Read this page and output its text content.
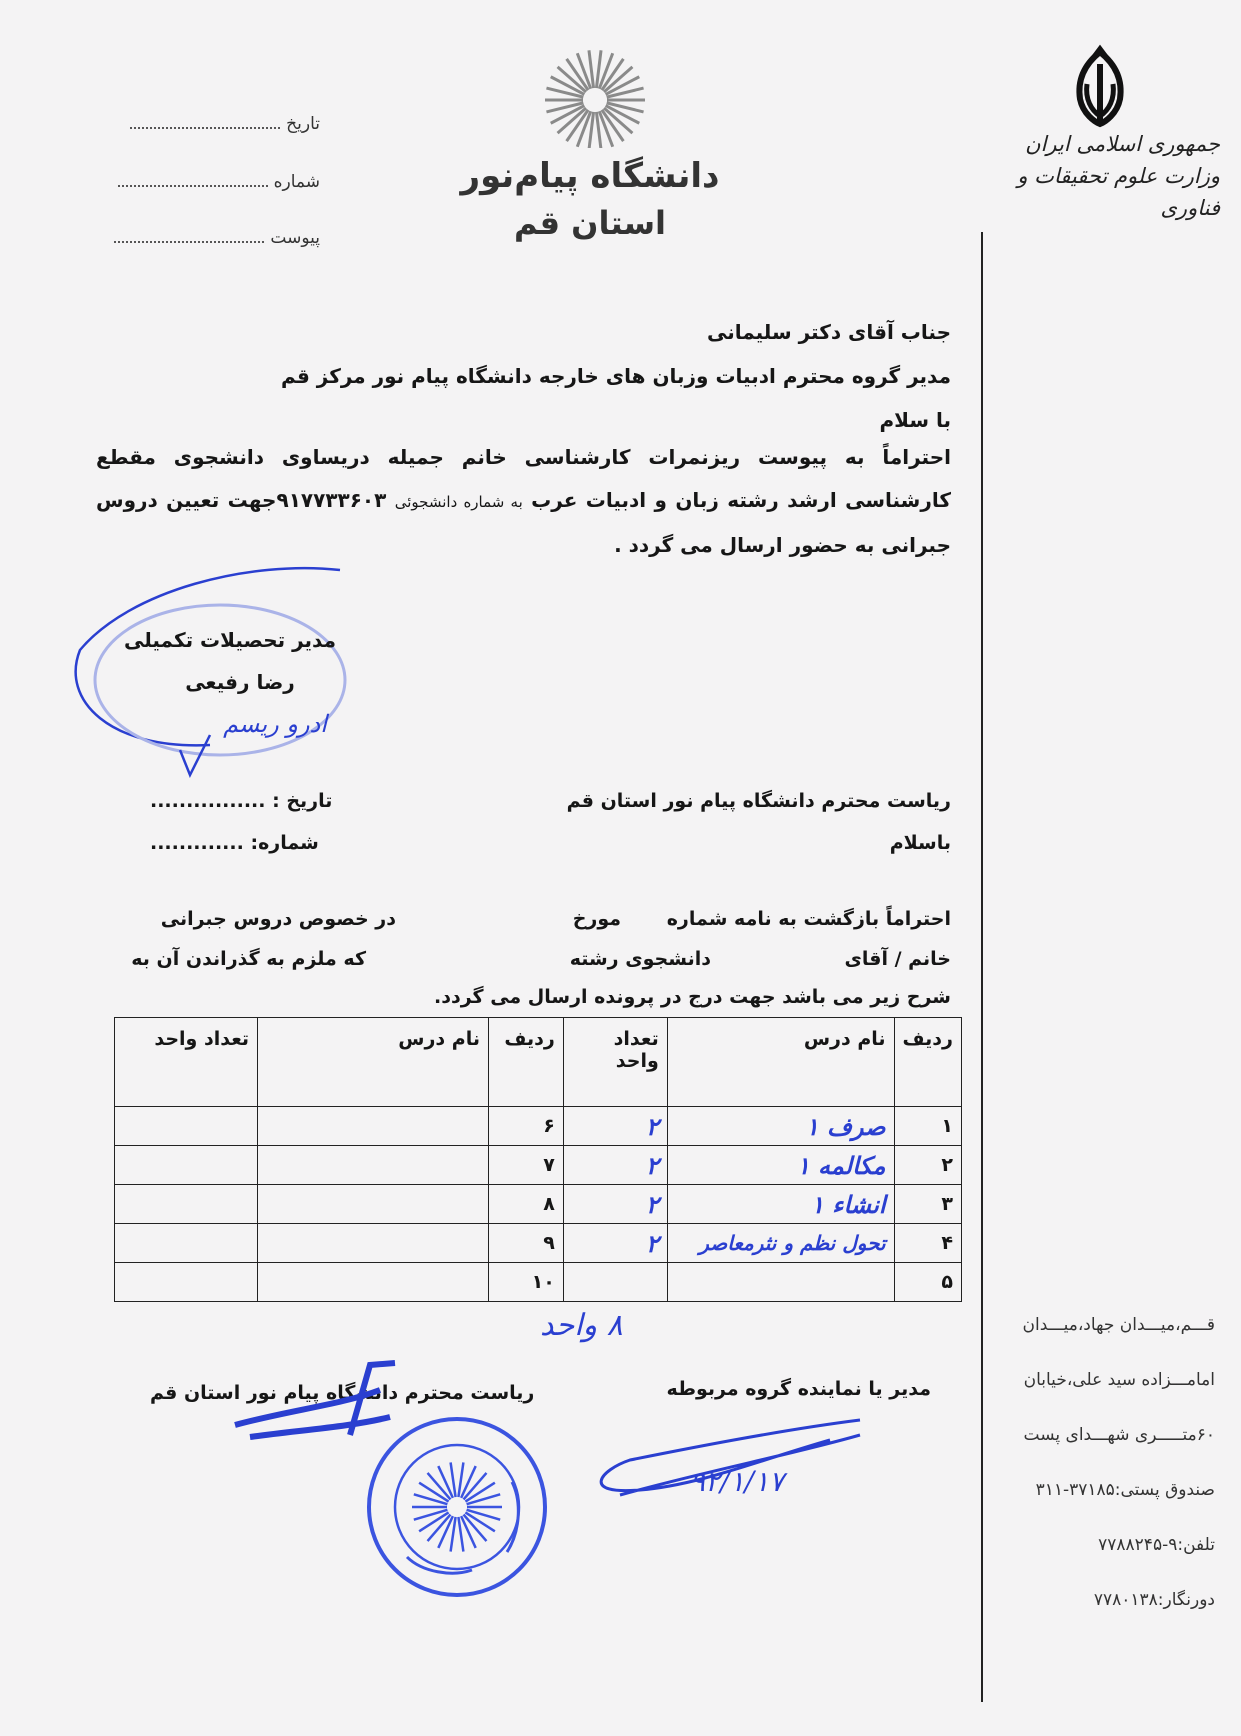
جمهوری اسلامی ایران
وزارت علوم تحقیقات و فناوری
دانشگاه پیام‌نور
استان قم
تاریخ
شماره
پیوست
جناب آقای دکتر سلیمانی
مدیر گروه محترم ادبیات وزبان های خارجه دانشگاه پیام نور مرکز قم
با سلام
احتراماً به پیوست ریزنمرات کارشناسی خانم جمیله دریساوی دانشجوی مقطع کارشناسی ارشد رشته زبان و ادبیات عرب به شماره دانشجوئی ۹۱۷۷۳۳۶۰۳جهت تعیین دروس جبرانی به حضور ارسال می گردد .
مدیر تحصیلات تکمیلی
رضا رفیعی
ادرو ریسم
ریاست محترم دانشگاه پیام نور استان قم
باسلام
تاریخ : ................
شماره: .............
احتراماً بازگشت به نامه شماره
مورخ
در خصوص دروس جبرانی
خانم / آقای
دانشجوی رشته
که ملزم به گذراندن آن به
شرح زیر می باشد جهت درج در پرونده ارسال می گردد.
ردیف	نام درس	تعداد واحد	ردیف	نام درس	تعداد واحد
۱	صرف ۱	۲	۶		
۲	مکالمه ۱	۲	۷		
۳	انشاء ۱	۲	۸		
۴	تحول نظم و نثرمعاصر	۲	۹		
۵			۱۰		
۸ واحد
مدیر یا نماینده گروه مربوطه
ریاست محترم دانشگاه پیام نور استان قم
۹۲/۱/۱۷
قـــم،میـــدان جهاد،میـــدان
امامـــزاده سید علی،خیابان
۶۰متـــــری شهـــدای پست
صندوق پستی:۳۷۱۸۵-۳۱۱
تلفن:۹-۷۷۸۸۲۴۵
دورنگار:۷۷۸۰۱۳۸
